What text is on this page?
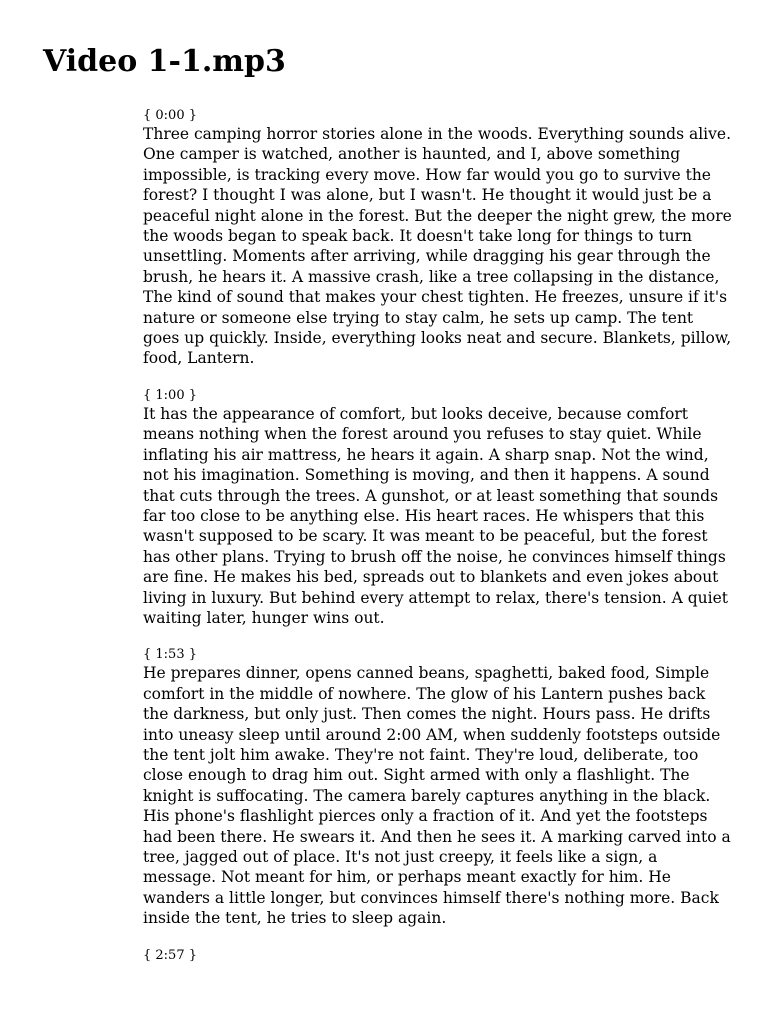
Video 1-1.mp3
{ 0:00 }

Three camping horror stories alone in the woods. Everything sounds alive. One camper is watched, another is haunted, and I, above something impossible, is tracking every move. How far would you go to survive the forest? I thought I was alone, but I wasn't. He thought it would just be a peaceful night alone in the forest. But the deeper the night grew, the more the woods began to speak back. It doesn't take long for things to turn unsettling. Moments after arriving, while dragging his gear through the brush, he hears it. A massive crash, like a tree collapsing in the distance, The kind of sound that makes your chest tighten. He freezes, unsure if it's nature or someone else trying to stay calm, he sets up camp. The tent goes up quickly. Inside, everything looks neat and secure. Blankets, pillow, food, Lantern.

{ 1:00 }

It has the appearance of comfort, but looks deceive, because comfort means nothing when the forest around you refuses to stay quiet. While inflating his air mattress, he hears it again. A sharp snap. Not the wind, not his imagination. Something is moving, and then it happens. A sound that cuts through the trees. A gunshot, or at least something that sounds far too close to be anything else. His heart races. He whispers that this wasn't supposed to be scary. It was meant to be peaceful, but the forest has other plans. Trying to brush off the noise, he convinces himself things are fine. He makes his bed, spreads out to blankets and even jokes about living in luxury. But behind every attempt to relax, there's tension. A quiet waiting later, hunger wins out.

{ 1:53 }

He prepares dinner, opens canned beans, spaghetti, baked food, Simple comfort in the middle of nowhere. The glow of his Lantern pushes back the darkness, but only just. Then comes the night. Hours pass. He drifts into uneasy sleep until around 2:00 AM, when suddenly footsteps outside the tent jolt him awake. They're not faint. They're loud, deliberate, too close enough to drag him out. Sight armed with only a flashlight. The knight is suffocating. The camera barely captures anything in the black. His phone's flashlight pierces only a fraction of it. And yet the footsteps had been there. He swears it. And then he sees it. A marking carved into a tree, jagged out of place. It's not just creepy, it feels like a sign, a message. Not meant for him, or perhaps meant exactly for him. He wanders a little longer, but convinces himself there's nothing more. Back inside the tent, he tries to sleep again.

{ 2:57 }
